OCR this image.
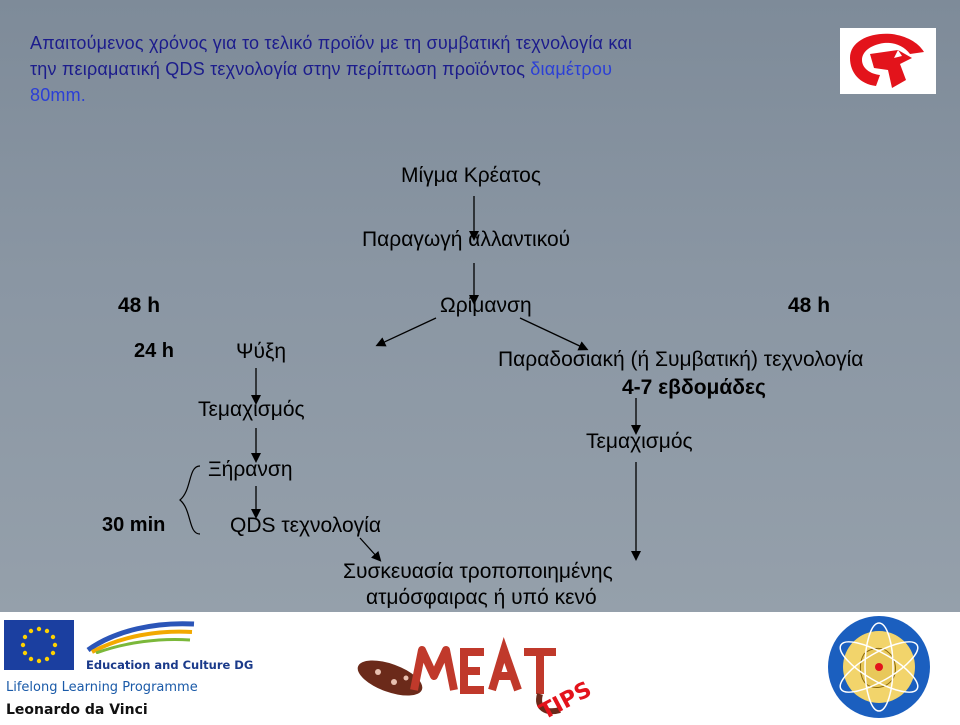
Απαιτούμενος χρόνος για το τελικό προϊόν με τη συμβατική τεχνολογία και
την πειραματική QDS τεχνολογία στην περίπτωση προϊόντος διαμέτρου
80mm.
Μίγμα Κρέατος
Παραγωγή αλλαντικού
Ωρίμανση
48 h	48 h
24 h	Ψύξη
Τεμαχισμός
Ξήρανση
30 min	QDS τεχνολογία
Παραδοσιακή (ή Συμβατική) τεχνολογία
4-7 εβδομάδες
Τεμαχισμός
Συσκευασία τροποποιημένης
ατμόσφαιρας ή υπό κενό
Education and Culture DG
Lifelong Learning Programme
Leonardo da Vinci	TIPS
